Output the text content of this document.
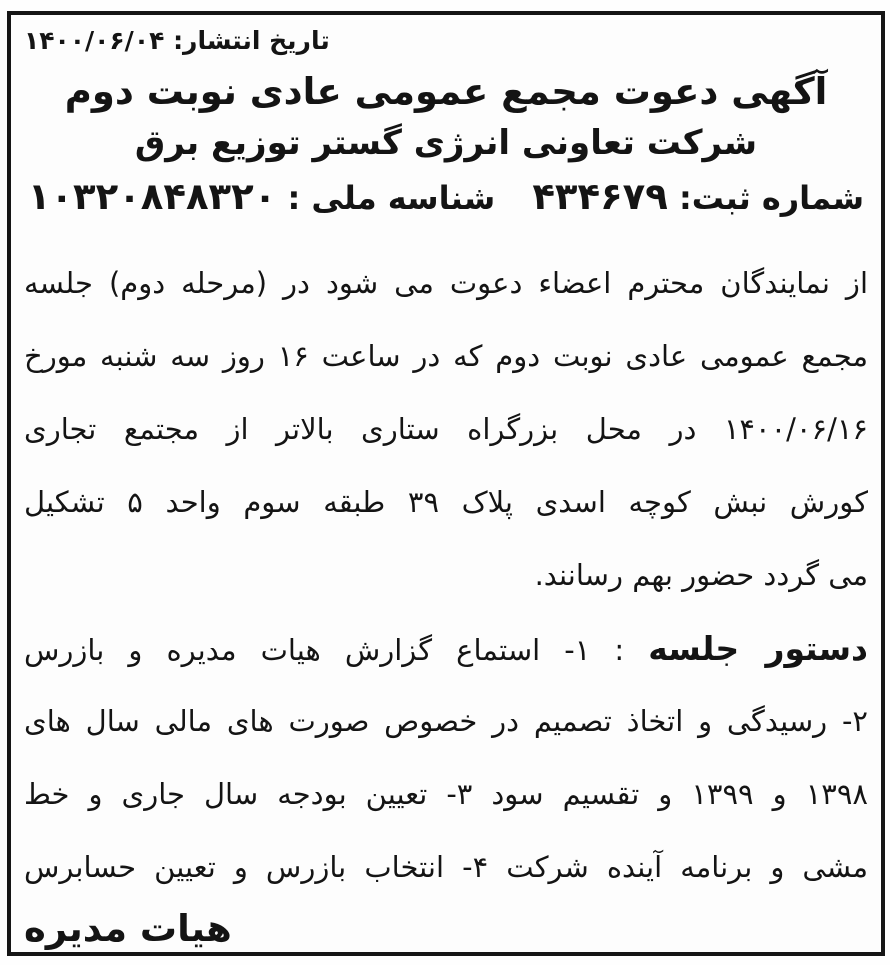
تاریخ انتشار: ۱۴۰۰/۰۶/۰۴
آگهی دعوت مجمع عمومی عادی نوبت دوم
شرکت تعاونی انرژی گستر توزیع برق
شماره ثبت: ۴۳۴۶۷۹ شناسه ملی : ۱۰۳۲۰۸۴۸۳۲۰
از نمایندگان محترم اعضاء دعوت می شود در (مرحله دوم) جلسه
مجمع عمومی عادی نوبت دوم که در ساعت ۱۶ روز سه شنبه مورخ
۱۴۰۰/۰۶/۱۶ در محل بزرگراه ستاری بالاتر از مجتمع تجاری
کورش نبش کوچه اسدی پلاک ۳۹ طبقه سوم واحد ۵ تشکیل
می گردد حضور بهم رسانند.
دستور جلسه : ۱- استماع گزارش هیات مدیره و بازرس
۲- رسیدگی و اتخاذ تصمیم در خصوص صورت های مالی سال های
۱۳۹۸ و ۱۳۹۹ و تقسیم سود ۳- تعیین بودجه سال جاری و خط
مشی و برنامه آینده شرکت ۴- انتخاب بازرس و تعیین حسابرس
هیات مدیره
